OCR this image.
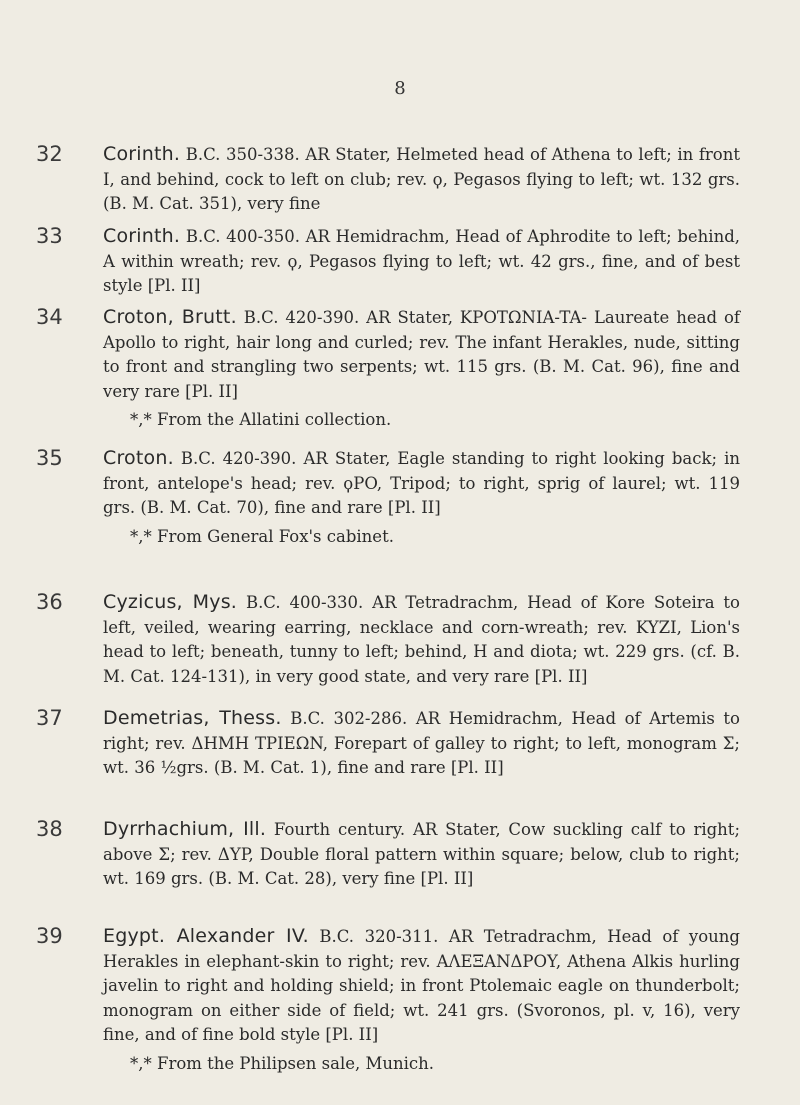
8
32 Corinth. B.C. 350-338. AR Stater, Helmeted head of Athena to left; in front I, and behind, cock to left on club; rev. ϙ, Pegasos flying to left; wt. 132 grs. (B. M. Cat. 351), very fine
33 Corinth. B.C. 400-350. AR Hemidrachm, Head of Aphrodite to left; behind, A within wreath; rev. ϙ, Pegasos flying to left; wt. 42 grs., fine, and of best style [Pl. II]
34 Croton, Brutt. B.C. 420-390. AR Stater, KPOTΩNIA-TA- Laureate head of Apollo to right, hair long and curled; rev. The infant Herakles, nude, sitting to front and strangling two serpents; wt. 115 grs. (B. M. Cat. 96), fine and very rare [Pl. II]
*,* From the Allatini collection.
35 Croton. B.C. 420-390. AR Stater, Eagle standing to right looking back; in front, antelope's head; rev. ϙPO, Tripod; to right, sprig of laurel; wt. 119 grs. (B. M. Cat. 70), fine and rare [Pl. II]
*,* From General Fox's cabinet.
36 Cyzicus, Mys. B.C. 400-330. AR Tetradrachm, Head of Kore Soteira to left, veiled, wearing earring, necklace and corn-wreath; rev. KYZI, Lion's head to left; beneath, tunny to left; behind, H and diota; wt. 229 grs. (cf. B. M. Cat. 124-131), in very good state, and very rare [Pl. II]
37 Demetrias, Thess. B.C. 302-286. AR Hemidrachm, Head of Artemis to right; rev. ΔHMH TPIEΩN, Forepart of galley to right; to left, monogram Σ; wt. 36 ½grs. (B. M. Cat. 1), fine and rare [Pl. II]
38 Dyrrhachium, Ill. Fourth century. AR Stater, Cow suckling calf to right; above Σ; rev. ΔYP, Double floral pattern within square; below, club to right; wt. 169 grs. (B. M. Cat. 28), very fine [Pl. II]
39 Egypt. Alexander IV. B.C. 320-311. AR Tetradrachm, Head of young Herakles in elephant-skin to right; rev. AΛEΞANΔPOY, Athena Alkis hurling javelin to right and holding shield; in front Ptolemaic eagle on thunderbolt; monogram on either side of field; wt. 241 grs. (Svoronos, pl. v, 16), very fine, and of fine bold style [Pl. II]
*,* From the Philipsen sale, Munich.
